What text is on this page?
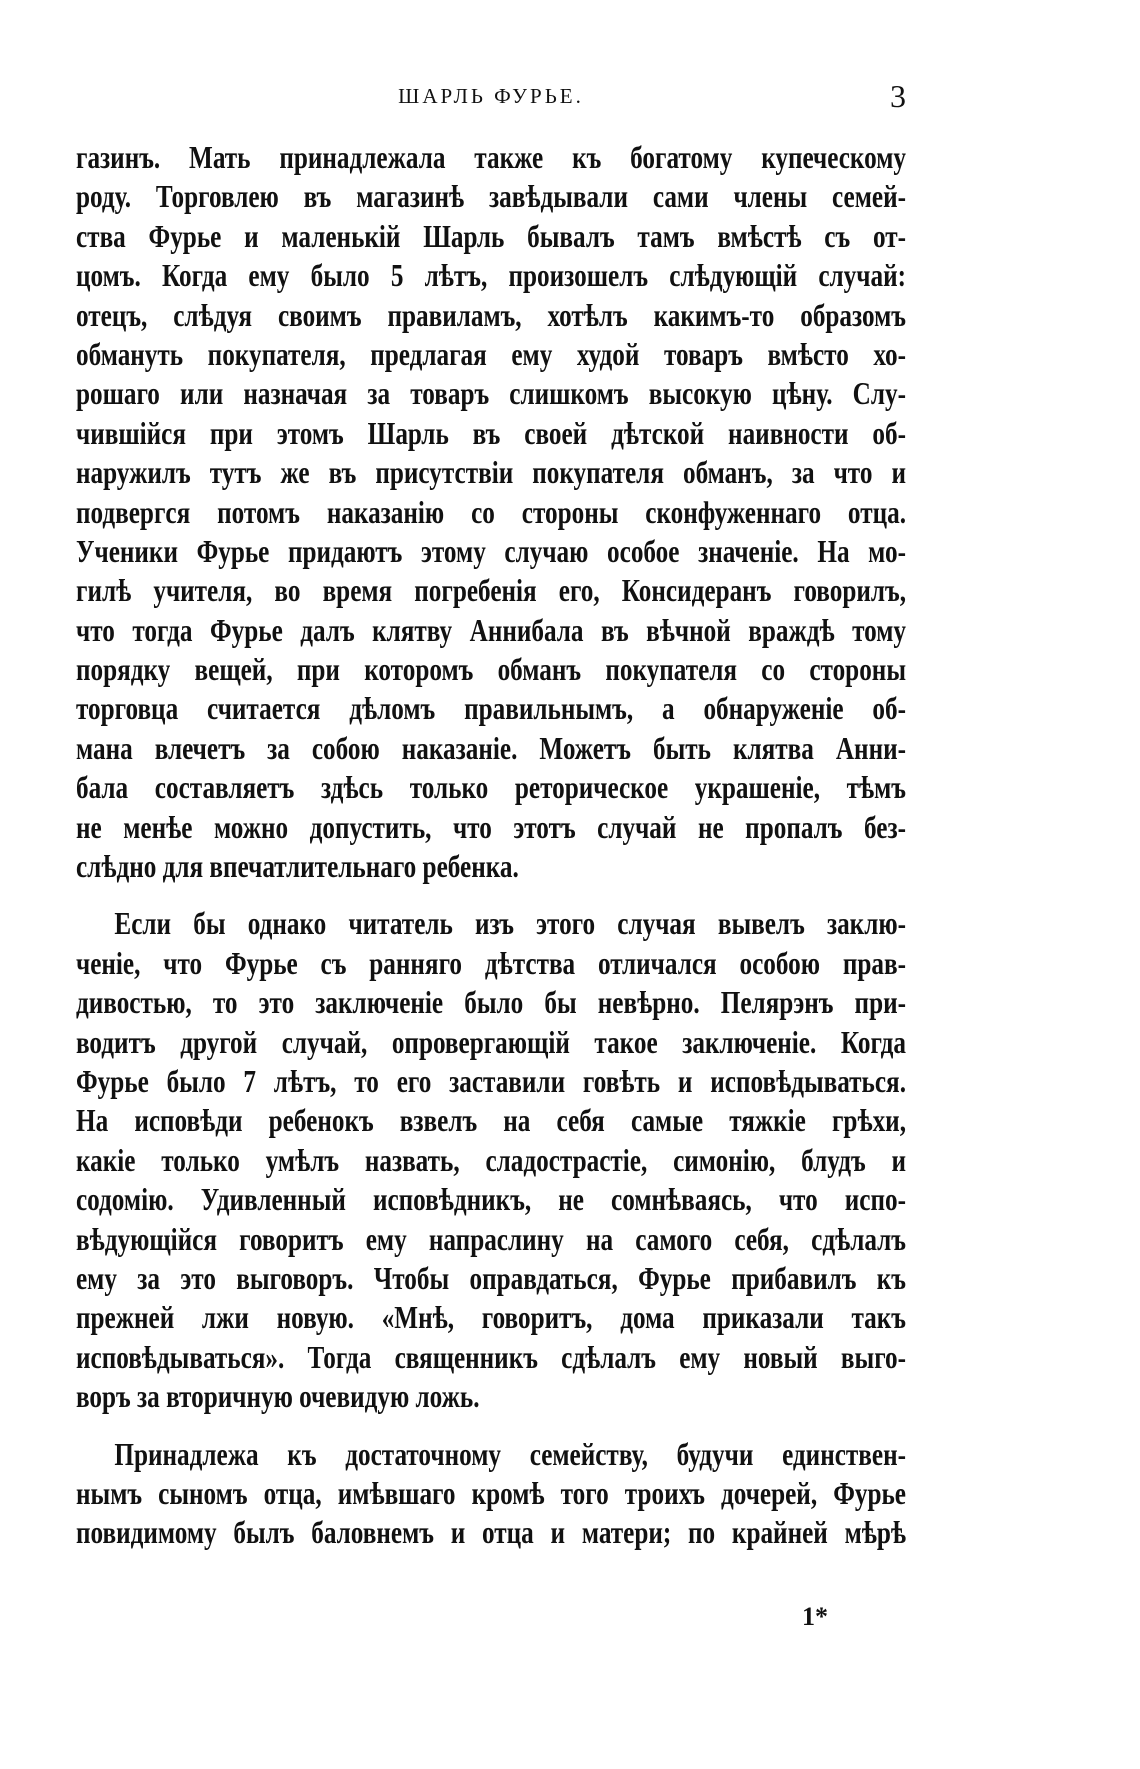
ШАРЛЬ ФУРЬЕ.	3
газинъ. Мать принадлежала также къ богатому купеческому
роду. Торговлею въ магазинѣ завѣдывали сами члены семей-
ства Фурье и маленькій Шарль бывалъ тамъ вмѣстѣ съ от-
цомъ. Когда ему было 5 лѣтъ, произошелъ слѣдующій случай:
отецъ, слѣдуя своимъ правиламъ, хотѣлъ какимъ-то образомъ
обмануть покупателя, предлагая ему худой товаръ вмѣсто хо-
рошаго или назначая за товаръ слишкомъ высокую цѣну. Слу-
чившійся при этомъ Шарль въ своей дѣтской наивности об-
наружилъ тутъ же въ присутствіи покупателя обманъ, за что и
подвергся потомъ наказанію со стороны сконфуженнаго отца.
Ученики Фурье придаютъ этому случаю особое значеніе. На мо-
гилѣ учителя, во время погребенія его, Консидеранъ говорилъ,
что тогда Фурье далъ клятву Аннибала въ вѣчной враждѣ тому
порядку вещей, при которомъ обманъ покупателя со стороны
торговца считается дѣломъ правильнымъ, а обнаруженіе об-
мана влечетъ за собою наказаніе. Можетъ быть клятва Анни-
бала составляетъ здѣсь только реторическое украшеніе, тѣмъ
не менѣе можно допустить, что этотъ случай не пропалъ без-
слѣдно для впечатлительнаго ребенка.
Если бы однако читатель изъ этого случая вывелъ заклю-
ченіе, что Фурье съ ранняго дѣтства отличался особою прав-
дивостью, то это заключеніе было бы невѣрно. Пелярэнъ при-
водитъ другой случай, опровергающій такое заключеніе. Когда
Фурье было 7 лѣтъ, то его заставили говѣть и исповѣдываться.
На исповѣди ребенокъ взвелъ на себя самые тяжкіе грѣхи,
какіе только умѣлъ назвать, сладострастіе, симонію, блудъ и
содомію. Удивленный исповѣдникъ, не сомнѣваясь, что испо-
вѣдующійся говоритъ ему напраслину на самого себя, сдѣлалъ
ему за это выговоръ. Чтобы оправдаться, Фурье прибавилъ къ
прежней лжи новую. «Мнѣ, говоритъ, дома приказали такъ
исповѣдываться». Тогда священникъ сдѣлалъ ему новый выго-
воръ за вторичную очевидую ложь.
Принадлежа къ достаточному семейству, будучи единствен-
нымъ сыномъ отца, имѣвшаго кромѣ того троихъ дочерей, Фурье
повидимому былъ баловнемъ и отца и матери; по крайней мѣрѣ
1*
